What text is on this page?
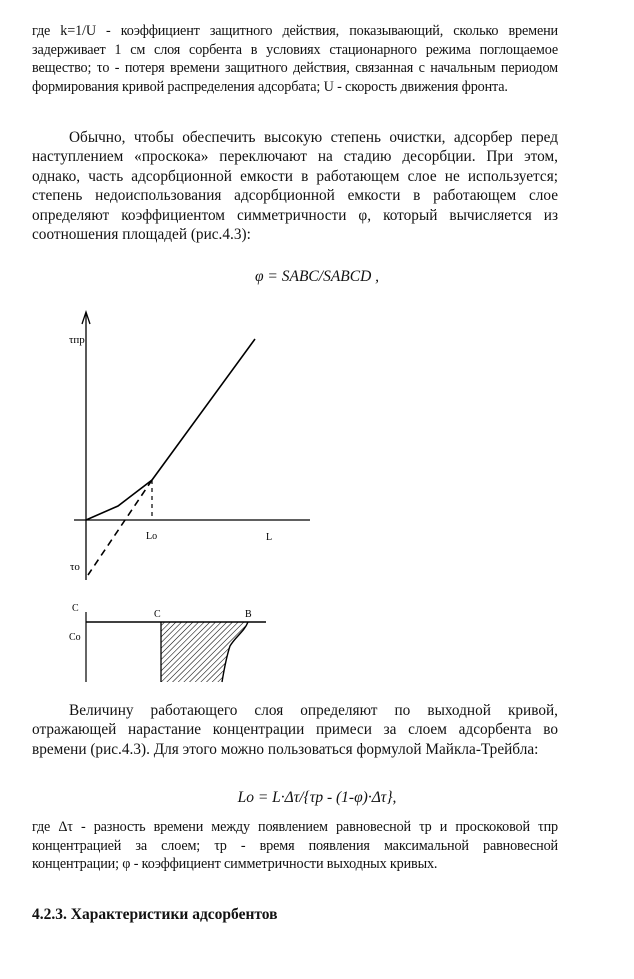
где k=1/U - коэффициент защитного действия, показывающий, сколько времени задерживает 1 см слоя сорбента в условиях стационарного режима поглощаемое вещество; τo - потеря времени защитного действия, связанная с начальным периодом формирования кривой распределения адсорбата; U - скорость движения фронта.

Обычно, чтобы обеспечить высокую степень очистки, адсорбер перед наступлением «проскока» переключают на стадию десорбции. При этом, однако, часть адсорбционной емкости в работающем слое не используется; степень недоиспользования адсорбционной емкости в работающем слое определяют коэффициентом симметричности φ, который вычисляется из соотношения площадей (рис.4.3):

φ = SABC/SABCD ,

τпр
L
Lo
τo
C
Co
C	B

Величину работающего слоя определяют по выходной кривой, отражающей нарастание концентрации примеси за слоем адсорбента во времени (рис.4.3). Для этого можно пользоваться формулой Майкла-Трейбла:

Lo = L·Δτ/{τp - (1-φ)·Δτ},

где Δτ - разность времени между появлением равновесной τp и проскоковой τпр концентрацией за слоем; τp - время появления максимальной равновесной концентрации; φ - коэффициент симметричности выходных кривых.

4.2.3. Характеристики адсорбентов
